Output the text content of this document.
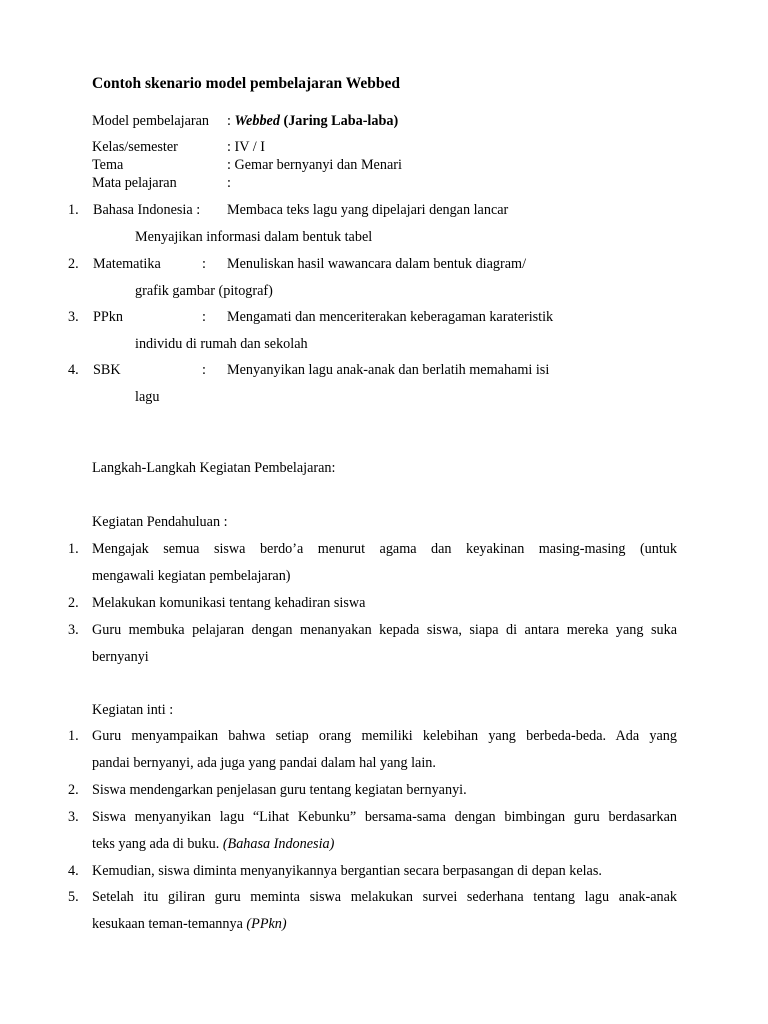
Contoh skenario model pembelajaran Webbed
Model pembelajaran : Webbed (Jaring Laba-laba)
Kelas/semester	: IV / I
Tema	: Gemar bernyanyi dan Menari
Mata pelajaran	:
1. Bahasa Indonesia : Membaca teks lagu yang dipelajari dengan lancar
Menyajikan informasi dalam bentuk tabel
2. Matematika	: Menuliskan hasil wawancara dalam bentuk diagram/
grafik gambar (pitograf)
3. PPkn	: Mengamati dan menceriterakan keberagaman karateristik
individu di rumah dan sekolah
4. SBK	: Menyanyikan lagu anak-anak dan berlatih memahami isi
lagu
Langkah-Langkah Kegiatan Pembelajaran:
Kegiatan Pendahuluan :
1. Mengajak semua siswa berdo’a menurut agama dan keyakinan masing-masing (untuk
mengawali kegiatan pembelajaran)
2. Melakukan komunikasi tentang kehadiran siswa
3. Guru membuka pelajaran dengan menanyakan kepada siswa, siapa di antara mereka yang suka
bernyanyi
Kegiatan inti :
1. Guru menyampaikan bahwa setiap orang memiliki kelebihan yang berbeda-beda. Ada yang
pandai bernyanyi, ada juga yang pandai dalam hal yang lain.
2. Siswa mendengarkan penjelasan guru tentang kegiatan bernyanyi.
3. Siswa menyanyikan lagu “Lihat Kebunku” bersama-sama dengan bimbingan guru berdasarkan
teks yang ada di buku. (Bahasa Indonesia)
4. Kemudian, siswa diminta menyanyikannya bergantian secara berpasangan di depan kelas.
5. Setelah itu giliran guru meminta siswa melakukan survei sederhana tentang lagu anak-anak
kesukaan teman-temannya (PPkn)
